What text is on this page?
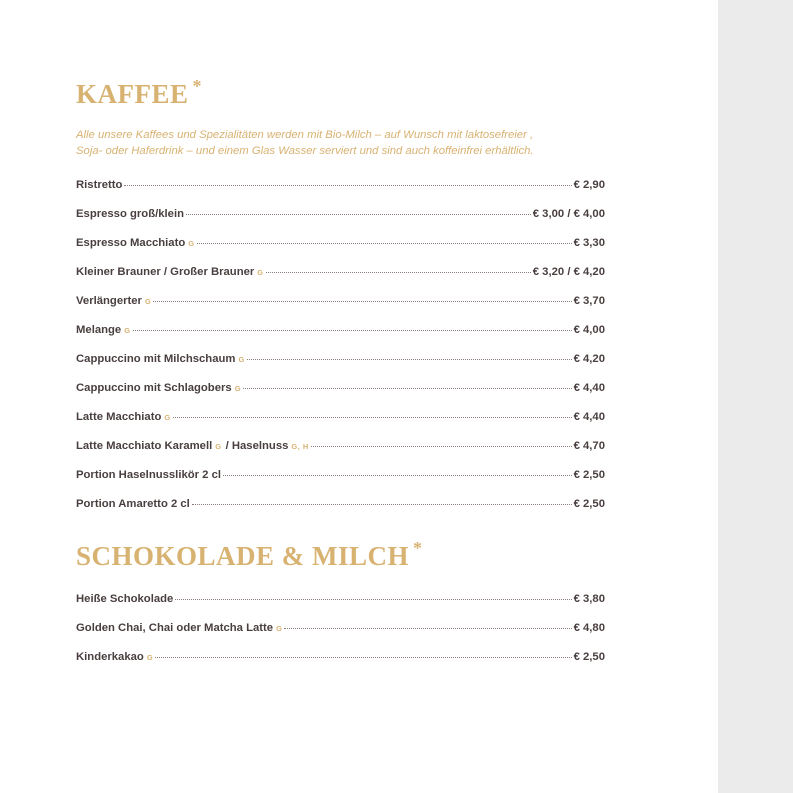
KAFFEE *

Alle unsere Kaffees und Spezialitäten werden mit Bio-Milch – auf Wunsch mit laktosefreier ,
Soja- oder Haferdrink – und einem Glas Wasser serviert und sind auch koffeinfrei erhältlich.

Ristretto	€ 2,90
Espresso groß/klein	€ 3,00 / € 4,00
Espresso Macchiato G	€ 3,30
Kleiner Brauner / Großer Brauner G	€ 3,20 / € 4,20
Verlängerter G	€ 3,70
Melange G	€ 4,00
Cappuccino mit Milchschaum G	€ 4,20
Cappuccino mit Schlagobers G	€ 4,40
Latte Macchiato G	€ 4,40
Latte Macchiato Karamell G / Haselnuss G, H	€ 4,70
Portion Haselnusslikör 2 cl	€ 2,50
Portion Amaretto 2 cl	€ 2,50
SCHOKOLADE & MILCH *
Heiße Schokolade	€ 3,80
Golden Chai, Chai oder Matcha Latte G	€ 4,80
Kinderkakao G	€ 2,50
